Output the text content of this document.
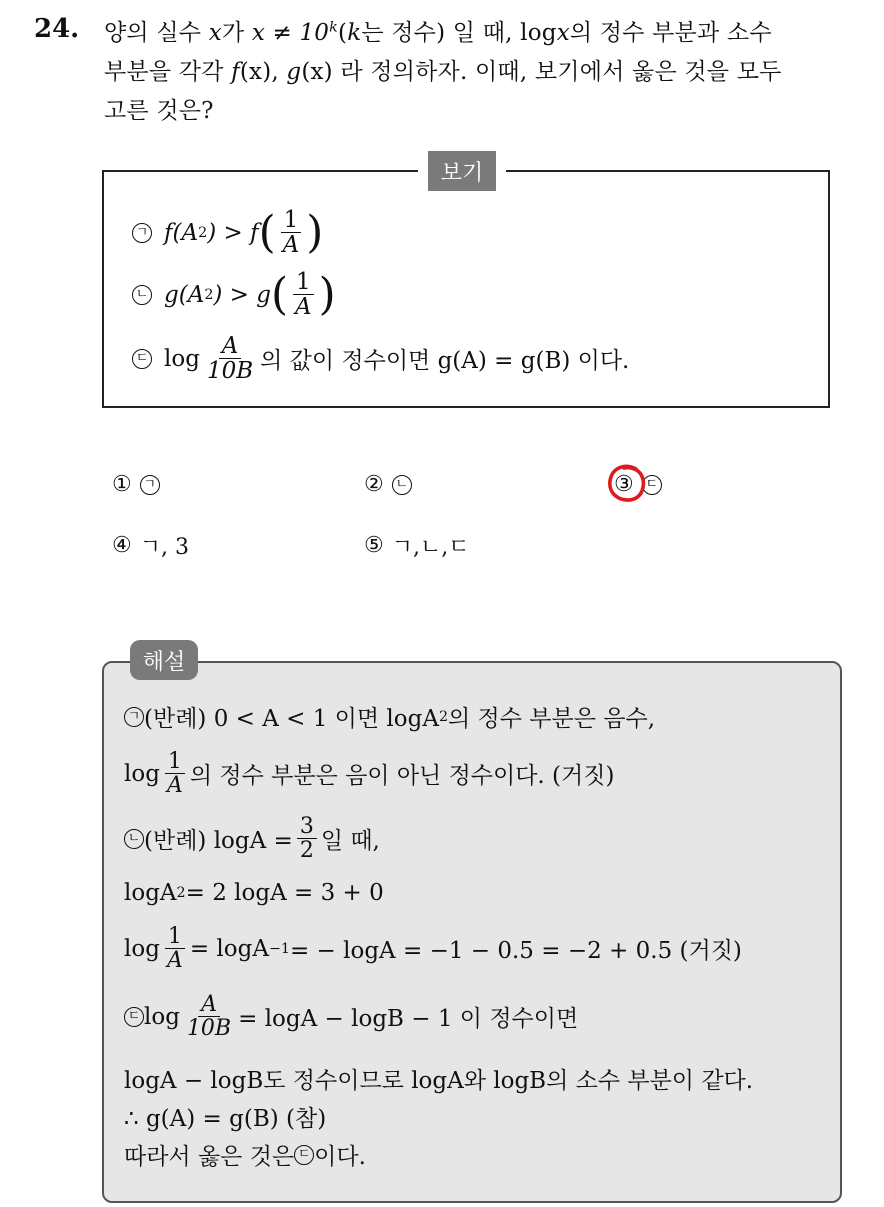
24. 양의 실수 x가 $x \ne 10^k(k$는 정수) 일 때, logx의 정수 부분과 소수
부분을 각각 f(x), g(x) 라 정의하자. 이때, 보기에서 옳은 것을 모두
고른 것은?
보기
ㄱ f(A 2 ) > f ( $\frac{1}{A}$ )
ㄴ g(A 2 ) > g ( $\frac{1}{A}$ )
ㄷ $\log \frac{A}{10B}$ 의 값이 정수이면 g(A) = g(B) 이다.
① ㄱ	② ㄴ	③ ㄷ
④ ㄱ, 3	⑤ ㄱ,ㄴ,ㄷ
해설
ㄱ (반례) 0 < A < 1 이면 logA 2 의 정수 부분은 음수,
$\log \frac{1}{A}$ 의 정수 부분은 음이 아닌 정수이다. (거짓)
ㄴ (반례) $\log A = \frac{3}{2}$ 일 때,
logA 2 = 2 logA = 3 + 0
$\log \frac{1}{A} = \log A -1$ = − logA = −1 − 0.5 = −2 + 0.5 (거짓)
ㄷ $\log \frac{A}{10B} = \log A - \log B - 1$ 이 정수이면
logA − logB도 정수이므로 logA와 logB의 소수 부분이 같다.
∴ g(A) = g(B) (참)
따라서 옳은 것은 ㄷ 이다.
